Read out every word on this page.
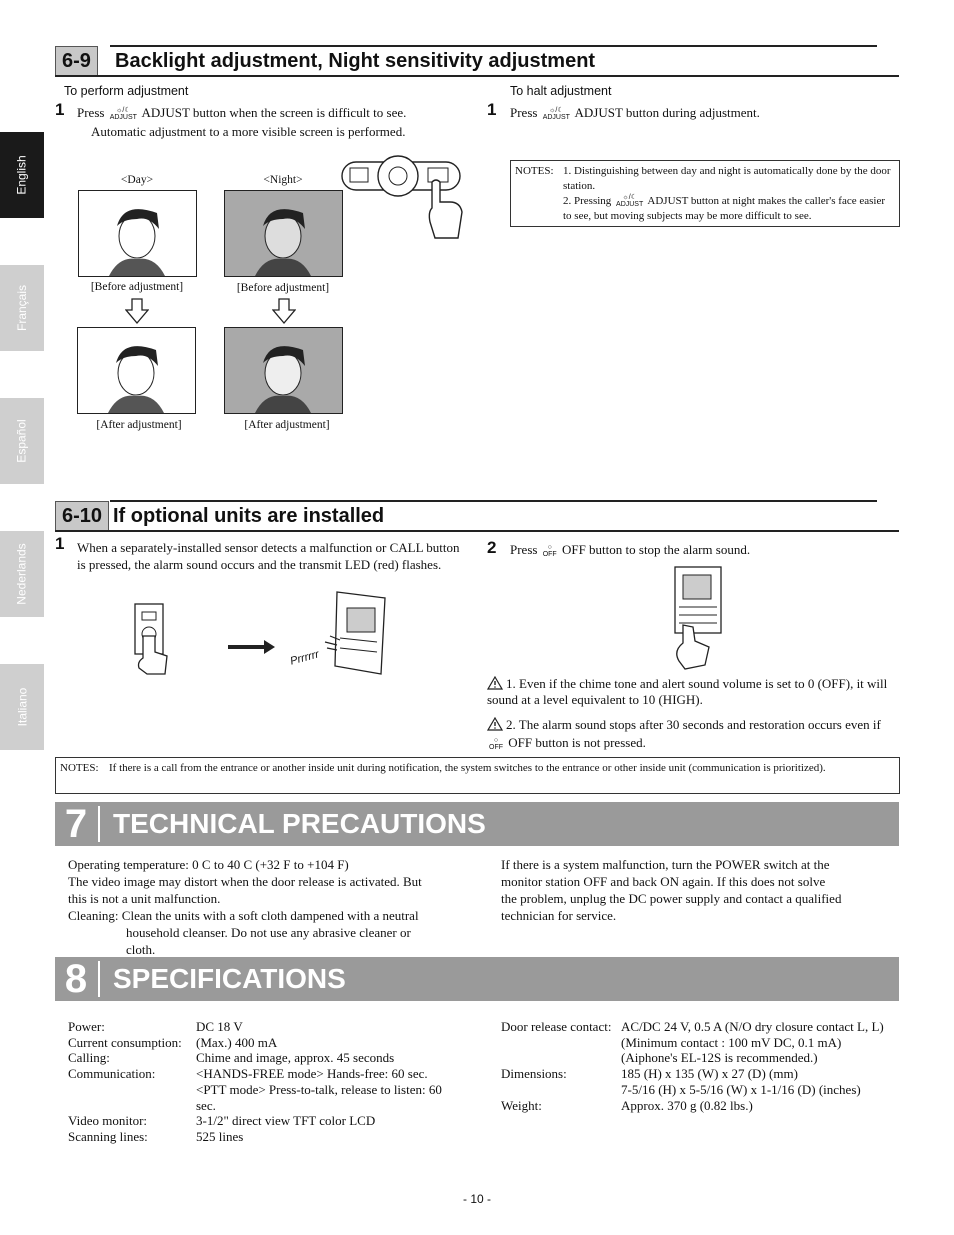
English
Français
Español
Nederlands
Italiano
6-9	Backlight adjustment, Night sensitivity adjustment
To perform adjustment
1 Press ☼/☾
ADJUST ADJUST button when the screen is difficult to see.
Automatic adjustment to a more visible screen is performed.
To halt adjustment
1 Press ☼/☾
ADJUST ADJUST button during adjustment.
NOTES: 1. Distinguishing between day and night is automatically done by the door station.
2. Pressing ☼/☾
ADJUST ADJUST button at night makes the caller's face easier to see, but moving subjects may be more difficult to see.
<Day>	<Night>
[Before adjustment]	[Before adjustment]
[After adjustment]	[After adjustment]
6-10 If optional units are installed
1 When a separately-installed sensor detects a malfunction or CALL button is pressed, the alarm sound occurs and the transmit LED (red) flashes.
Prrrrrr
2 Press ○
OFF OFF button to stop the alarm sound.
1. Even if the chime tone and alert sound volume is set to 0 (OFF), it will sound at a level equivalent to 10 (HIGH).
2. The alarm sound stops after 30 seconds and restoration occurs even if ○
OFF OFF button is not pressed.
NOTES: If there is a call from the entrance or another inside unit during notification, the system switches to the entrance or other inside unit (communication is prioritized).
7 TECHNICAL PRECAUTIONS
Operating temperature: 0 C to 40 C (+32 F to +104 F)
The video image may distort when the door release is activated. But
this is not a unit malfunction.
Cleaning: Clean the units with a soft cloth dampened with a neutral
household cleanser. Do not use any abrasive cleaner or
cloth.
If there is a system malfunction, turn the POWER switch at the
monitor station OFF and back ON again. If this does not solve
the problem, unplug the DC power supply and contact a qualified
technician for service.
8 SPECIFICATIONS
Power:	DC 18 V
Current consumption:	(Max.) 400 mA
Calling:	Chime and image, approx. 45 seconds
Communication:	<HANDS-FREE mode> Hands-free: 60 sec.
<PTT mode> Press-to-talk, release to listen: 60
sec.
Video monitor:	3-1/2" direct view TFT color LCD
Scanning lines:	525 lines
Door release contact: AC/DC 24 V, 0.5 A (N/O dry closure contact L, L)
(Minimum contact : 100 mV DC, 0.1 mA)
(Aiphone's EL-12S is recommended.)
Dimensions:	185 (H) x 135 (W) x 27 (D) (mm)
7-5/16 (H) x 5-5/16 (W) x 1-1/16 (D) (inches)
Weight:	Approx. 370 g (0.82 lbs.)
- 10 -
